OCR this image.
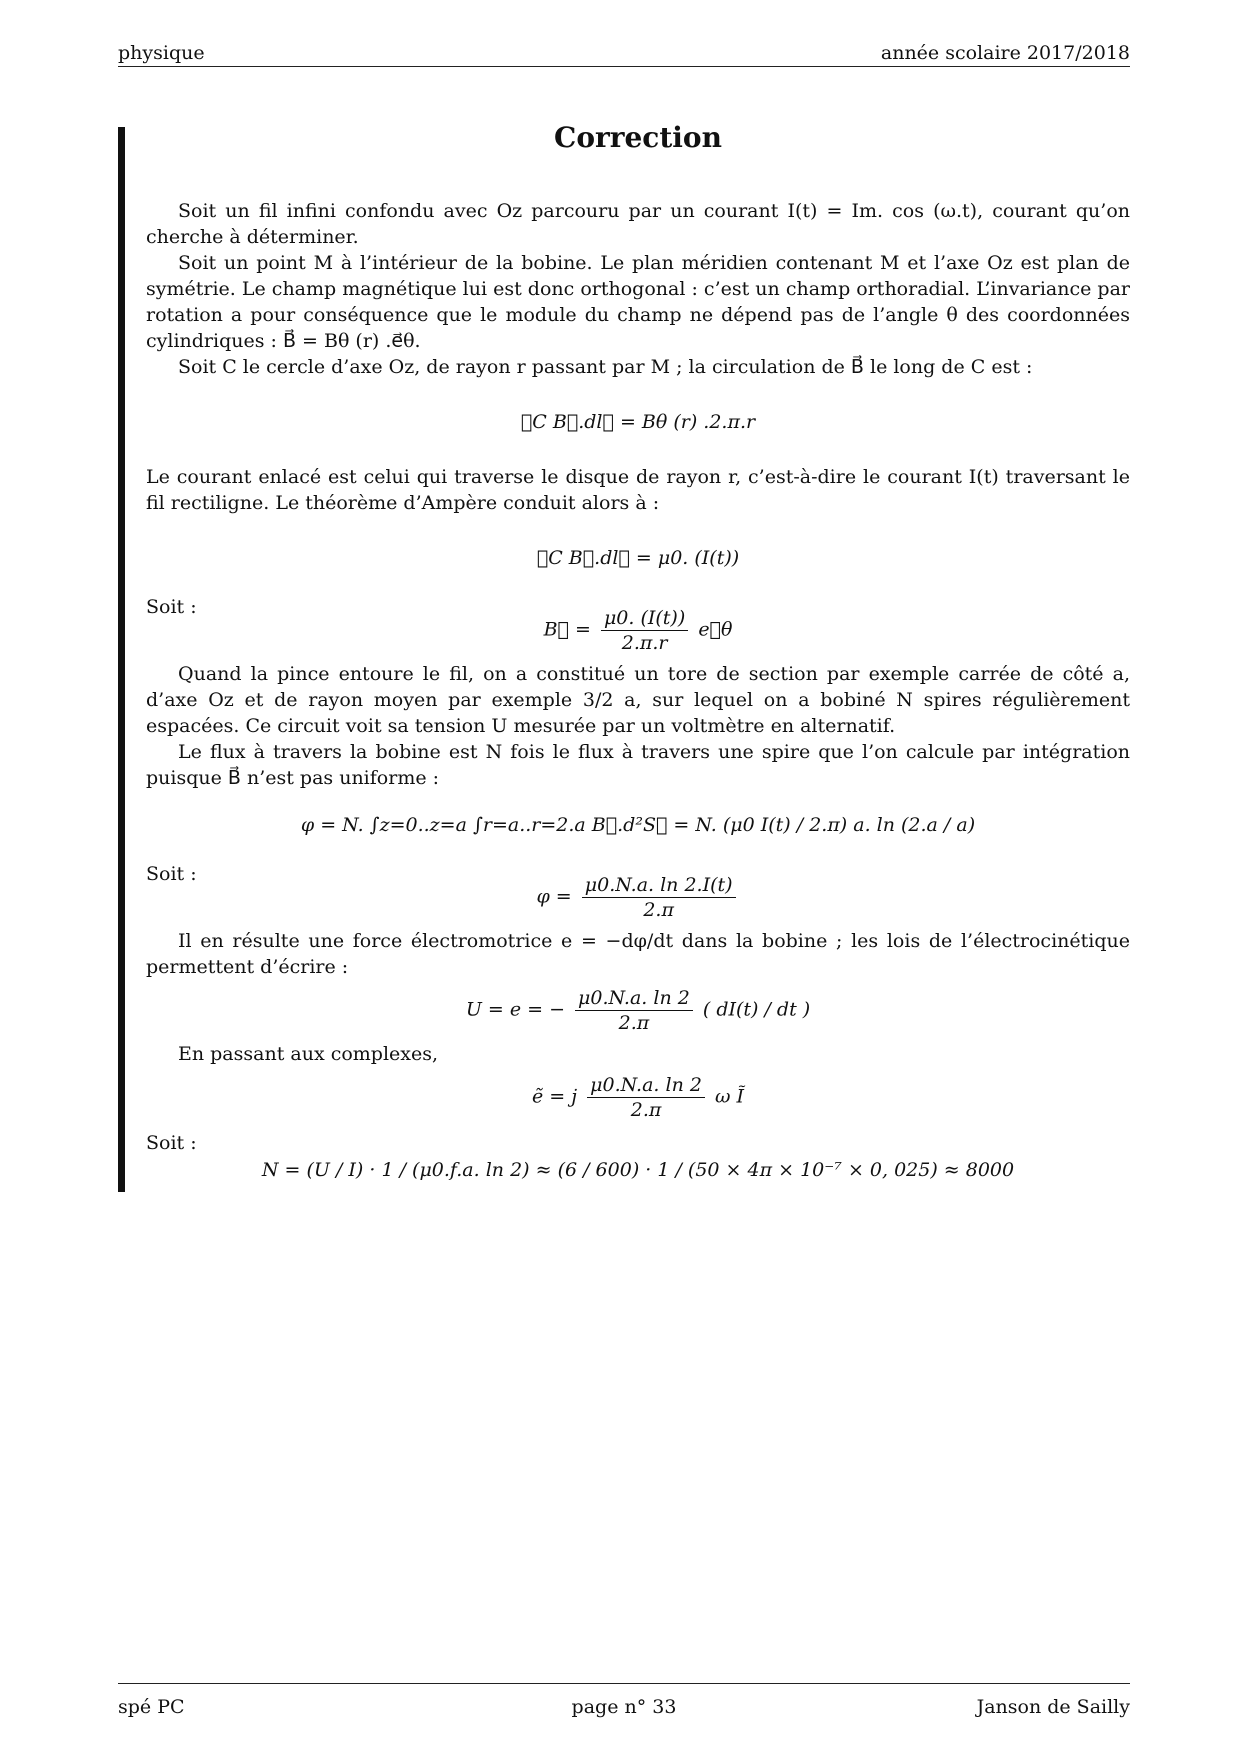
physique	année scolaire 2017/2018
Correction

Soit un fil infini confondu avec Oz parcouru par un courant I(t) = Im. cos (ω.t), courant qu’on cherche à déterminer.

Soit un point M à l’intérieur de la bobine. Le plan méridien contenant M et l’axe Oz est plan de symétrie. Le champ magnétique lui est donc orthogonal : c’est un champ orthoradial. L’invariance par rotation a pour conséquence que le module du champ ne dépend pas de l’angle θ des coordonnées cylindriques : B⃗ = Bθ (r) .e⃗θ.

Soit C le cercle d’axe Oz, de rayon r passant par M ; la circulation de B⃗ le long de C est :

∮C B⃗.dl⃗ = Bθ (r) .2.π.r

Le courant enlacé est celui qui traverse le disque de rayon r, c’est-à-dire le courant I(t) traversant le fil rectiligne. Le théorème d’Ampère conduit alors à :

∮C B⃗.dl⃗ = μ0. (I(t))

Soit :

B⃗ = $\frac{\mu 0. (I(t))}{2.\pi.r}$ e⃗θ

Quand la pince entoure le fil, on a constitué un tore de section par exemple carrée de côté a, d’axe Oz et de rayon moyen par exemple 3/2 a, sur lequel on a bobiné N spires régulièrement espacées. Ce circuit voit sa tension U mesurée par un voltmètre en alternatif.

Le flux à travers la bobine est N fois le flux à travers une spire que l’on calcule par intégration puisque B⃗ n’est pas uniforme :

φ = N. ∫z=0..z=a ∫r=a..r=2.a B⃗.d²S⃗ = N. (μ0 I(t) / 2.π) a. ln (2.a / a)

Soit :

$\varphi = \frac{\mu 0.N.a. \ln 2.I(t)}{2.\pi}$

Il en résulte une force électromotrice e = −dφ/dt dans la bobine ; les lois de l’électrocinétique permettent d’écrire :

U = e = − $\frac{\mu 0.N.a. \ln 2}{2.\pi}$ ( dI(t) / dt )

En passant aux complexes,

ẽ = j $\frac{\mu 0.N.a. \ln 2}{2.\pi}$ ω Ĩ

Soit :

N = (U / I) · 1 / (μ0.f.a. ln 2) ≈ (6 / 600) · 1 / (50 × 4π × 10⁻⁷ × 0, 025) ≈ 8000
spé PC	page n° 33	Janson de Sailly
